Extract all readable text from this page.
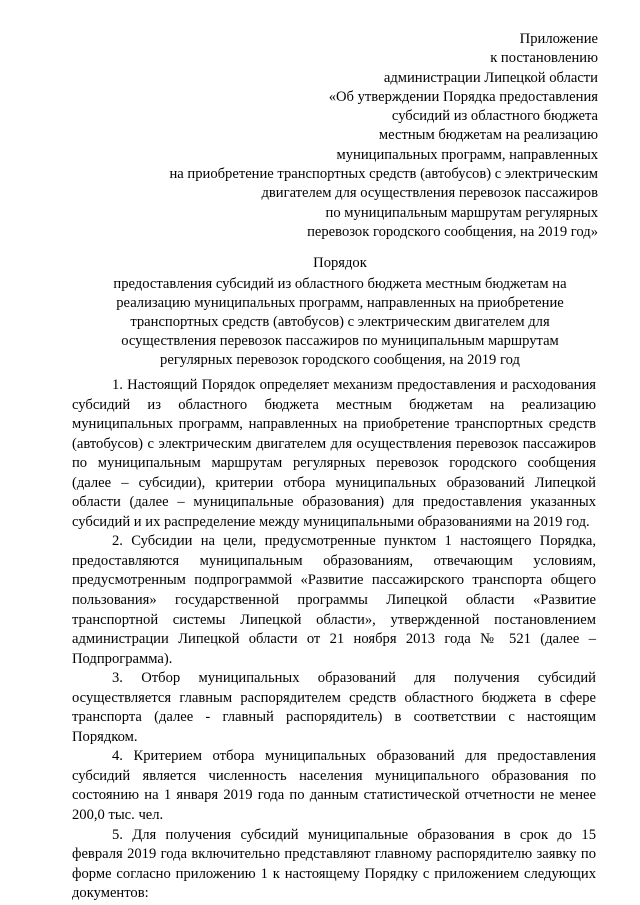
Приложение
к постановлению
администрации Липецкой области
«Об утверждении Порядка предоставления
субсидий из областного бюджета
местным бюджетам на реализацию
муниципальных программ, направленных
на приобретение транспортных средств (автобусов) с электрическим
двигателем для осуществления перевозок пассажиров
по муниципальным маршрутам регулярных
перевозок городского сообщения, на 2019 год»
Порядок
предоставления субсидий из областного бюджета местным бюджетам на
реализацию муниципальных программ, направленных на приобретение
транспортных средств (автобусов) с электрическим двигателем для
осуществления перевозок пассажиров по муниципальным маршрутам
регулярных перевозок городского сообщения, на 2019 год

1. Настоящий Порядок определяет механизм предоставления и расходования субсидий из областного бюджета местным бюджетам на реализацию муниципальных программ, направленных на приобретение транспортных средств (автобусов) с электрическим двигателем для осуществления перевозок пассажиров по муниципальным маршрутам регулярных перевозок городского сообщения (далее – субсидии), критерии отбора муниципальных образований Липецкой области (далее – муниципальные образования) для предоставления указанных субсидий и их распределение между муниципальными образованиями на 2019 год.

2. Субсидии на цели, предусмотренные пунктом 1 настоящего Порядка, предоставляются муниципальным образованиям, отвечающим условиям, предусмотренным подпрограммой «Развитие пассажирского транспорта общего пользования» государственной программы Липецкой области «Развитие транспортной системы Липецкой области», утвержденной постановлением администрации Липецкой области от 21 ноября 2013 года № 521 (далее – Подпрограмма).

3. Отбор муниципальных образований для получения субсидий осуществляется главным распорядителем средств областного бюджета в сфере транспорта (далее - главный распорядитель) в соответствии с настоящим Порядком.

4. Критерием отбора муниципальных образований для предоставления субсидий является численность населения муниципального образования по состоянию на 1 января 2019 года по данным статистической отчетности не менее 200,0 тыс. чел.

5. Для получения субсидий муниципальные образования в срок до 15 февраля 2019 года включительно представляют главному распорядителю заявку по форме согласно приложению 1 к настоящему Порядку с приложением следующих документов:
